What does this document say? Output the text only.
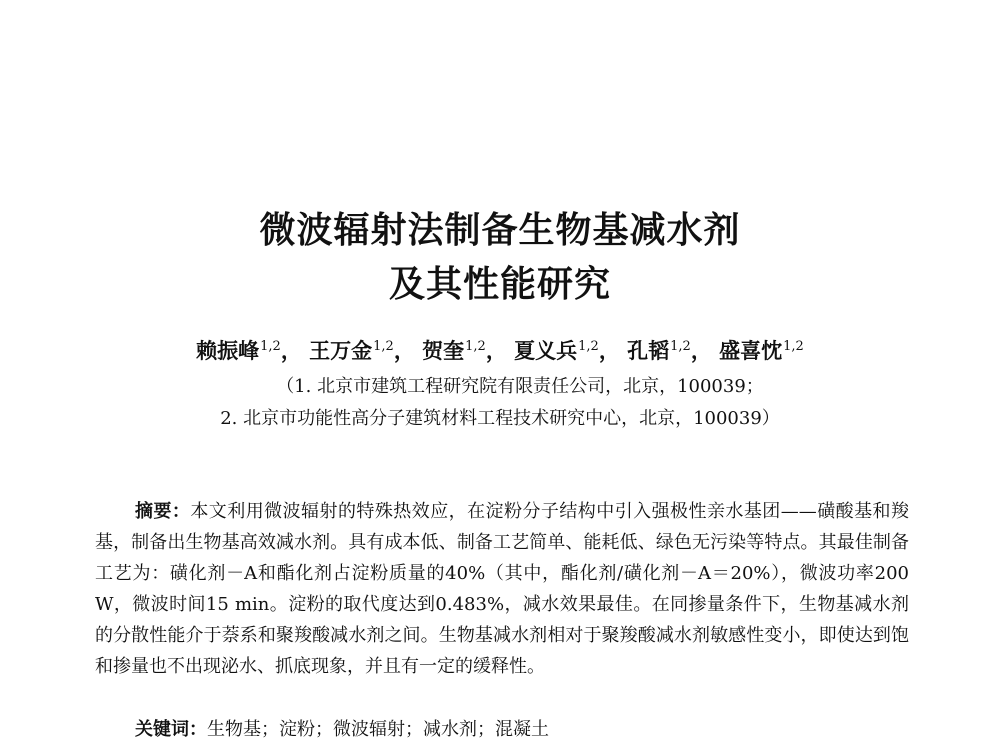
微波辐射法制备生物基减水剂
及其性能研究
赖振峰$^{1,2}$， 王万金$^{1,2}$， 贺奎$^{1,2}$， 夏义兵$^{1,2}$， 孔韬$^{1,2}$， 盛喜忱$^{1,2}$
（1. 北京市建筑工程研究院有限责任公司，北京，100039；
2. 北京市功能性高分子建筑材料工程技术研究中心，北京，100039）

摘要：本文利用微波辐射的特殊热效应，在淀粉分子结构中引入强极性亲水基团——磺酸基和羧基，制备出生物基高效减水剂。具有成本低、制备工艺简单、能耗低、绿色无污染等特点。其最佳制备工艺为：磺化剂－A和酯化剂占淀粉质量的40%（其中，酯化剂/磺化剂－A＝20%），微波功率200 W，微波时间15 min。淀粉的取代度达到0.483%，减水效果最佳。在同掺量条件下，生物基减水剂的分散性能介于萘系和聚羧酸减水剂之间。生物基减水剂相对于聚羧酸减水剂敏感性变小，即使达到饱和掺量也不出现泌水、抓底现象，并且有一定的缓释性。

关键词：生物基；淀粉；微波辐射；减水剂；混凝土
